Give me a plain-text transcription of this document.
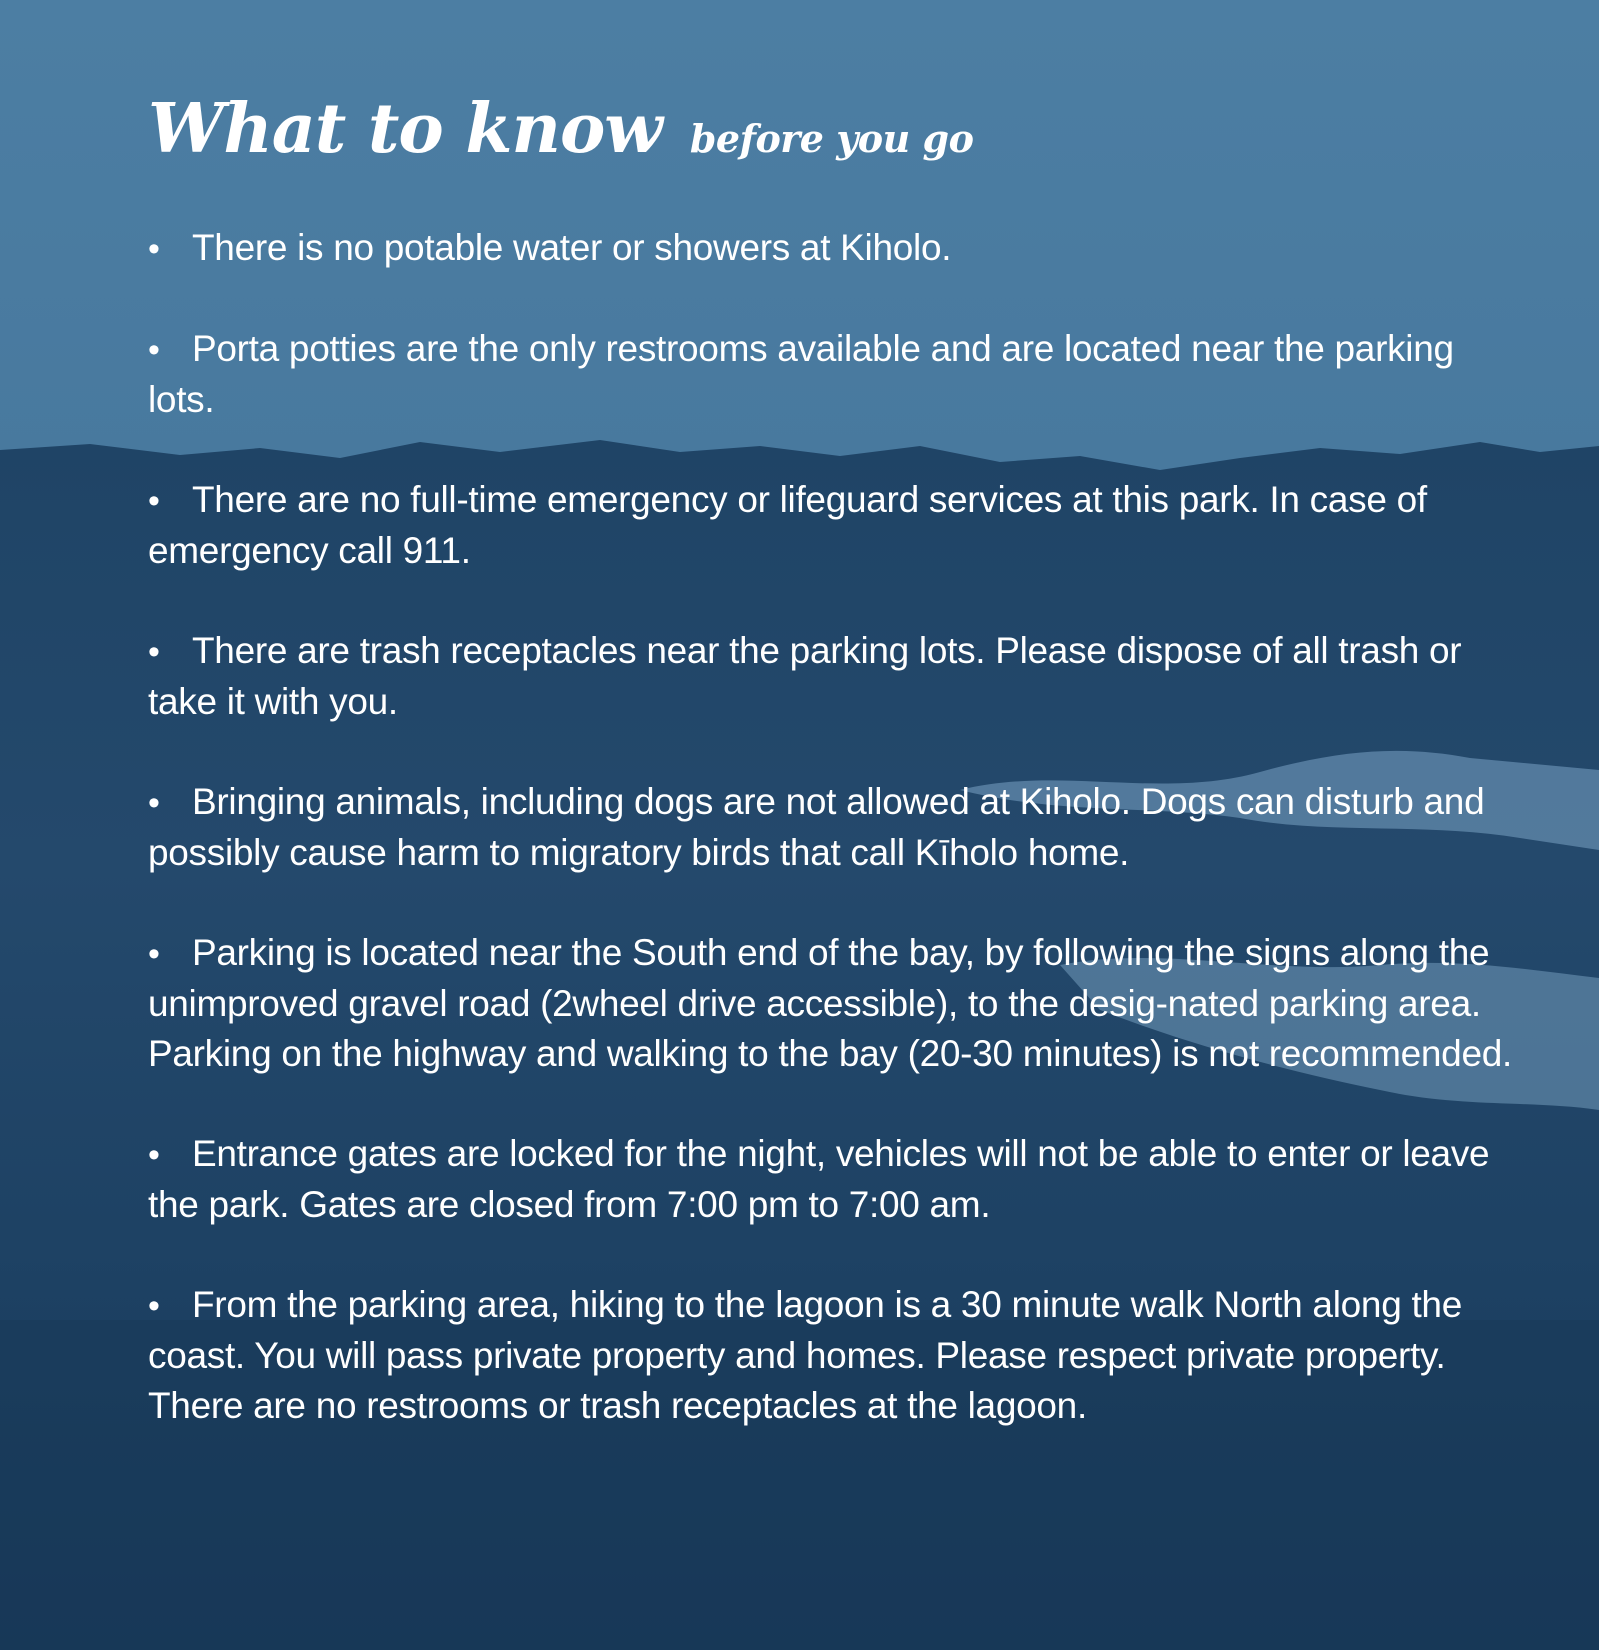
What to know before you go
• There is no potable water or showers at Kiholo.
• Porta potties are the only restrooms available and are located near the parking lots.
• There are no full-time emergency or lifeguard services at this park. In case of emergency call 911.
• There are trash receptacles near the parking lots. Please dispose of all trash or take it with you.
• Bringing animals, including dogs are not allowed at Kiholo. Dogs can disturb and possibly cause harm to migratory birds that call Kīholo home.
• Parking is located near the South end of the bay, by following the signs along the unimproved gravel road (2wheel drive accessible), to the desig-nated parking area. Parking on the highway and walking to the bay (20-30 minutes) is not recommended.
• Entrance gates are locked for the night, vehicles will not be able to enter or leave the park. Gates are closed from 7:00 pm to 7:00 am.
• From the parking area, hiking to the lagoon is a 30 minute walk North along the coast. You will pass private property and homes. Please respect private property. There are no restrooms or trash receptacles at the lagoon.
